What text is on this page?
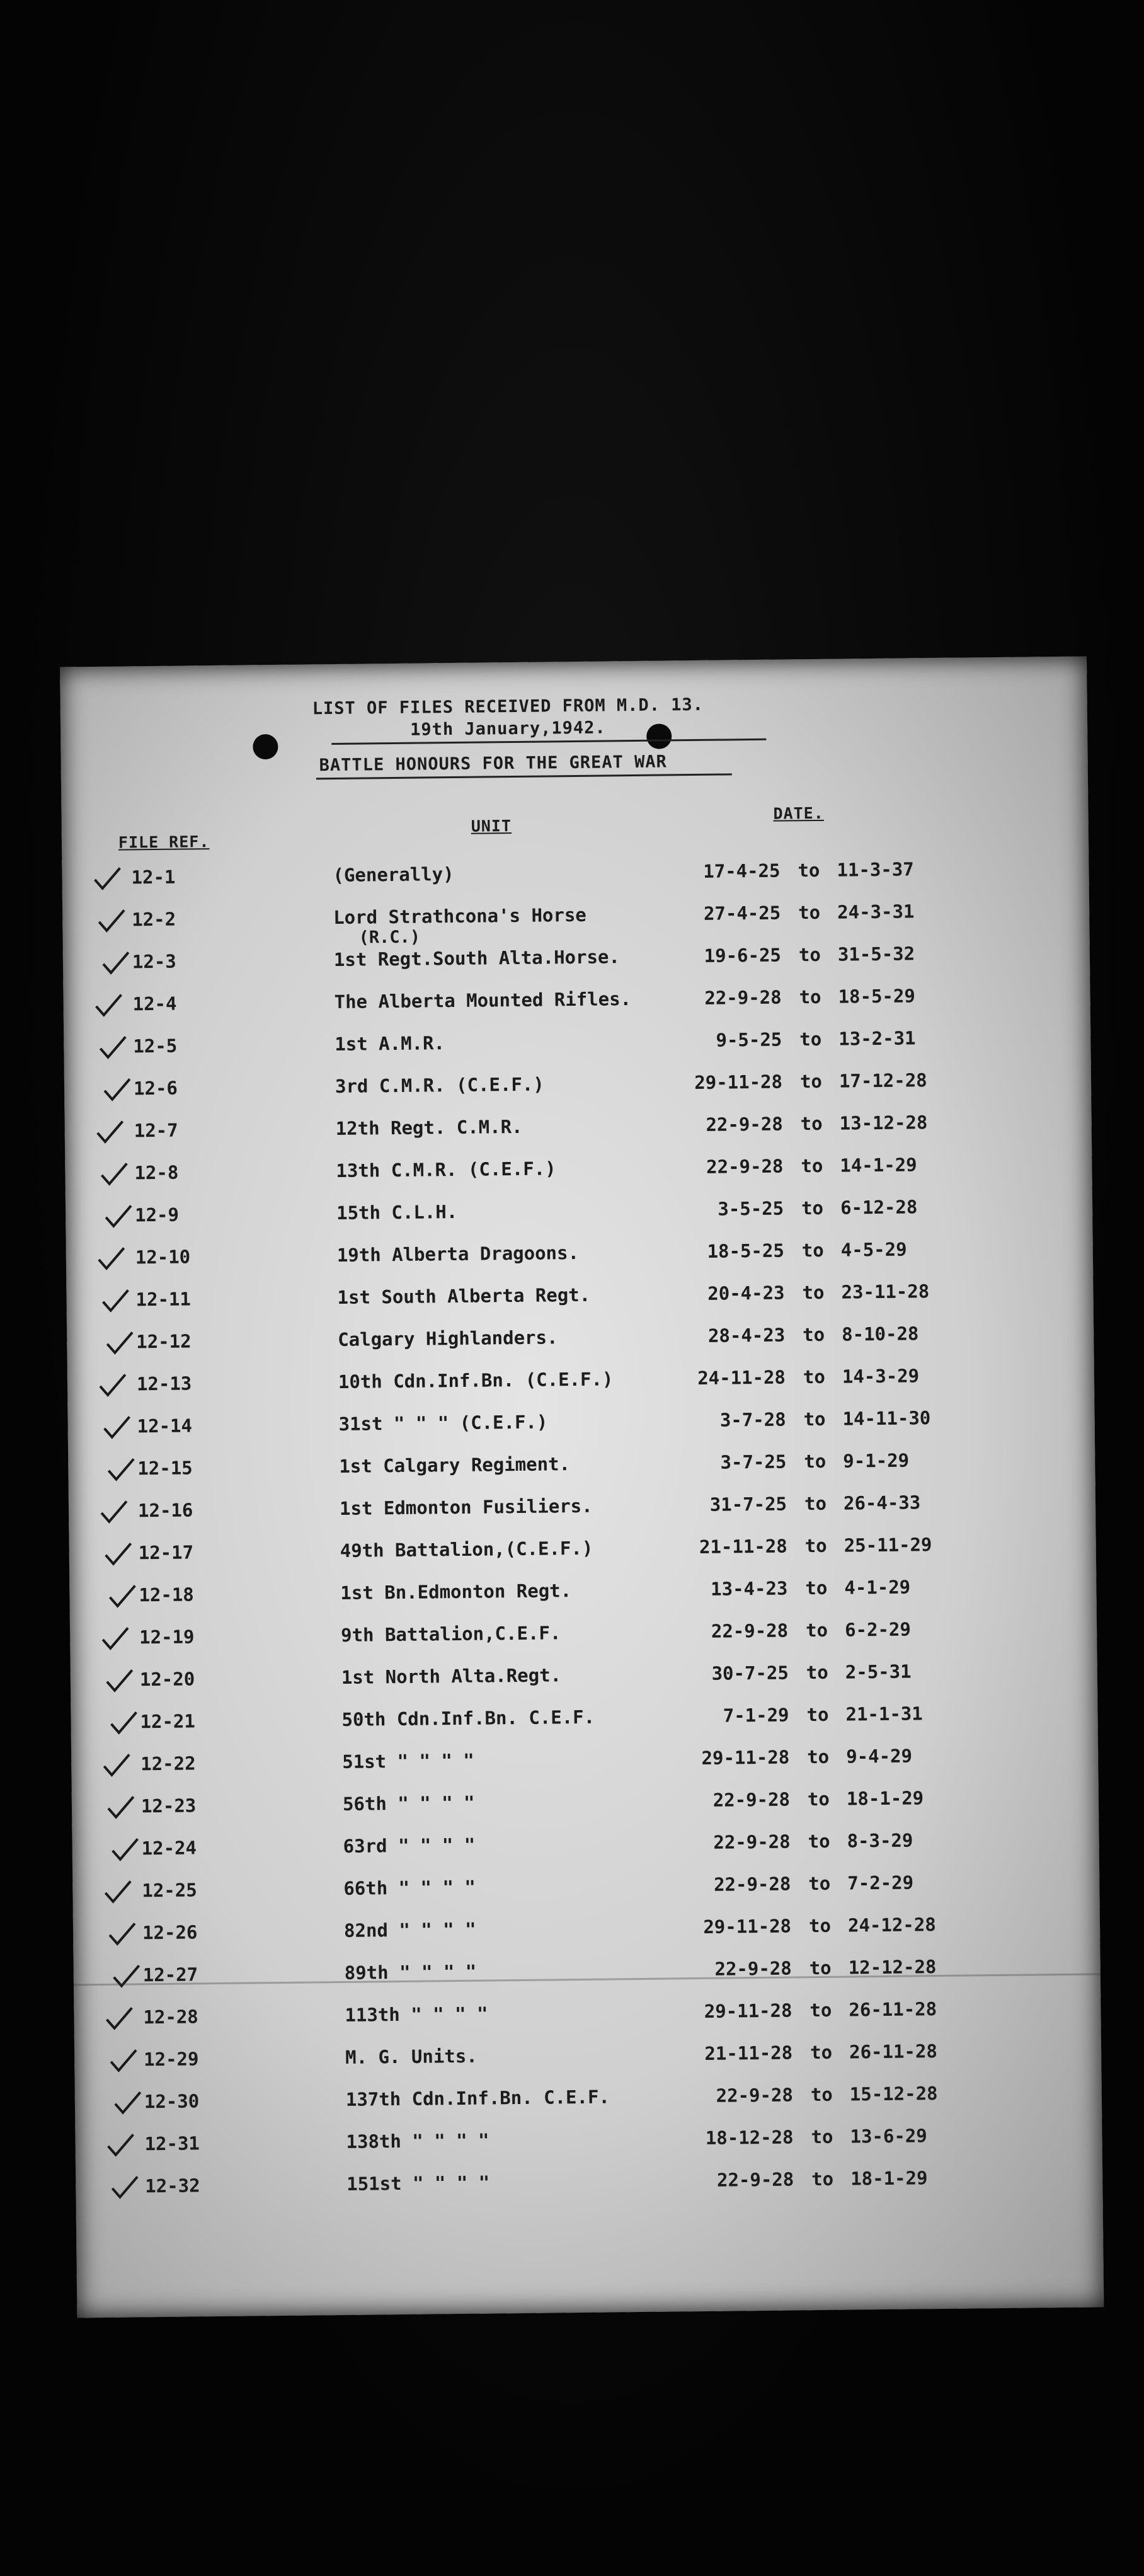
LIST OF FILES RECEIVED FROM M.D. 13.
19th January,1942.
BATTLE HONOURS FOR THE GREAT WAR
FILE REF.
UNIT
DATE.
12-1	(Generally)	17-4-25 to 11-3-37
12-2	Lord Strathcona's Horse	27-4-25 to 24-3-31
(R.C.)
12-3	1st Regt.South Alta.Horse.	19-6-25 to 31-5-32
12-4	The Alberta Mounted Rifles.	22-9-28 to 18-5-29
12-5	1st A.M.R.	9-5-25 to 13-2-31
12-6	3rd C.M.R. (C.E.F.)	29-11-28 to 17-12-28
12-7	12th Regt. C.M.R.	22-9-28 to 13-12-28
12-8	13th C.M.R. (C.E.F.)	22-9-28 to 14-1-29
12-9	15th C.L.H.	3-5-25 to 6-12-28
12-10	19th Alberta Dragoons.	18-5-25 to 4-5-29
12-11	1st South Alberta Regt.	20-4-23 to 23-11-28
12-12	Calgary Highlanders.	28-4-23 to 8-10-28
12-13	10th Cdn.Inf.Bn. (C.E.F.)	24-11-28 to 14-3-29
12-14	31st " " " (C.E.F.)	3-7-28 to 14-11-30
12-15	1st Calgary Regiment.	3-7-25 to 9-1-29
12-16	1st Edmonton Fusiliers.	31-7-25 to 26-4-33
12-17	49th Battalion,(C.E.F.)	21-11-28 to 25-11-29
12-18	1st Bn.Edmonton Regt.	13-4-23 to 4-1-29
12-19	9th Battalion,C.E.F.	22-9-28 to 6-2-29
12-20	1st North Alta.Regt.	30-7-25 to 2-5-31
12-21	50th Cdn.Inf.Bn. C.E.F.	7-1-29 to 21-1-31
12-22	51st " " " "	29-11-28 to 9-4-29
12-23	56th " " " "	22-9-28 to 18-1-29
12-24	63rd " " " "	22-9-28 to 8-3-29
12-25	66th " " " "	22-9-28 to 7-2-29
12-26	82nd " " " "	29-11-28 to 24-12-28
12-27	89th " " " "	22-9-28 to 12-12-28
12-28	113th " " " "	29-11-28 to 26-11-28
12-29	M. G. Units.	21-11-28 to 26-11-28
12-30	137th Cdn.Inf.Bn. C.E.F.	22-9-28 to 15-12-28
12-31	138th " " " "	18-12-28 to 13-6-29
12-32	151st " " " "	22-9-28 to 18-1-29
